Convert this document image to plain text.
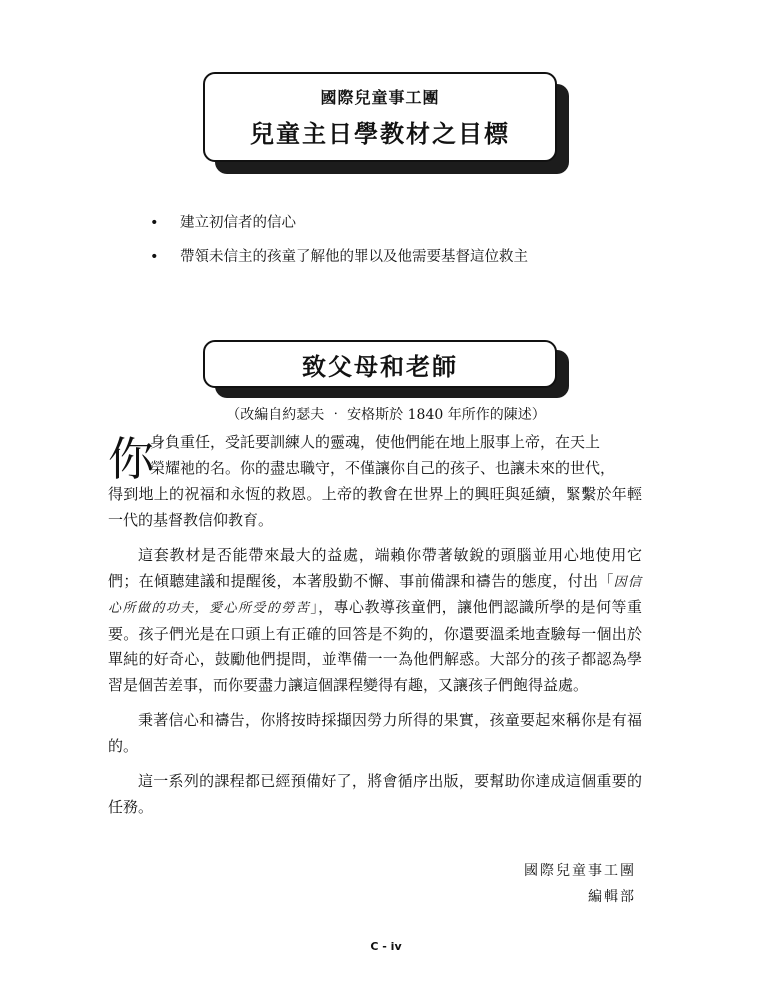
國際兒童事工團
兒童主日學教材之目標
• 建立初信者的信心
• 帶領未信主的孩童了解他的罪以及他需要基督這位救主
致父母和老師
（改編自約瑟夫 ‧ 安格斯於 1840 年所作的陳述）
你
身負重任，受託要訓練人的靈魂，使他們能在地上服事上帝，在天上
榮耀祂的名。你的盡忠職守，不僅讓你自己的孩子、也讓未來的世代，
得到地上的祝福和永恆的救恩。上帝的教會在世界上的興旺與延續，緊繫於年輕一代的基督教信仰教育。

這套教材是否能帶來最大的益處，端賴你帶著敏銳的頭腦並用心地使用它們；在傾聽建議和提醒後，本著殷勤不懈、事前備課和禱告的態度，付出「因信心所做的功夫，愛心所受的勞苦」，專心教導孩童們，讓他們認識所學的是何等重要。孩子們光是在口頭上有正確的回答是不夠的，你還要溫柔地查驗每一個出於單純的好奇心，鼓勵他們提問，並準備一一為他們解惑。大部分的孩子都認為學習是個苦差事，而你要盡力讓這個課程變得有趣，又讓孩子們飽得益處。

秉著信心和禱告，你將按時採擷因勞力所得的果實，孩童要起來稱你是有福的。

這一系列的課程都已經預備好了，將會循序出版，要幫助你達成這個重要的任務。

國際兒童事工團
編輯部
C - iv
